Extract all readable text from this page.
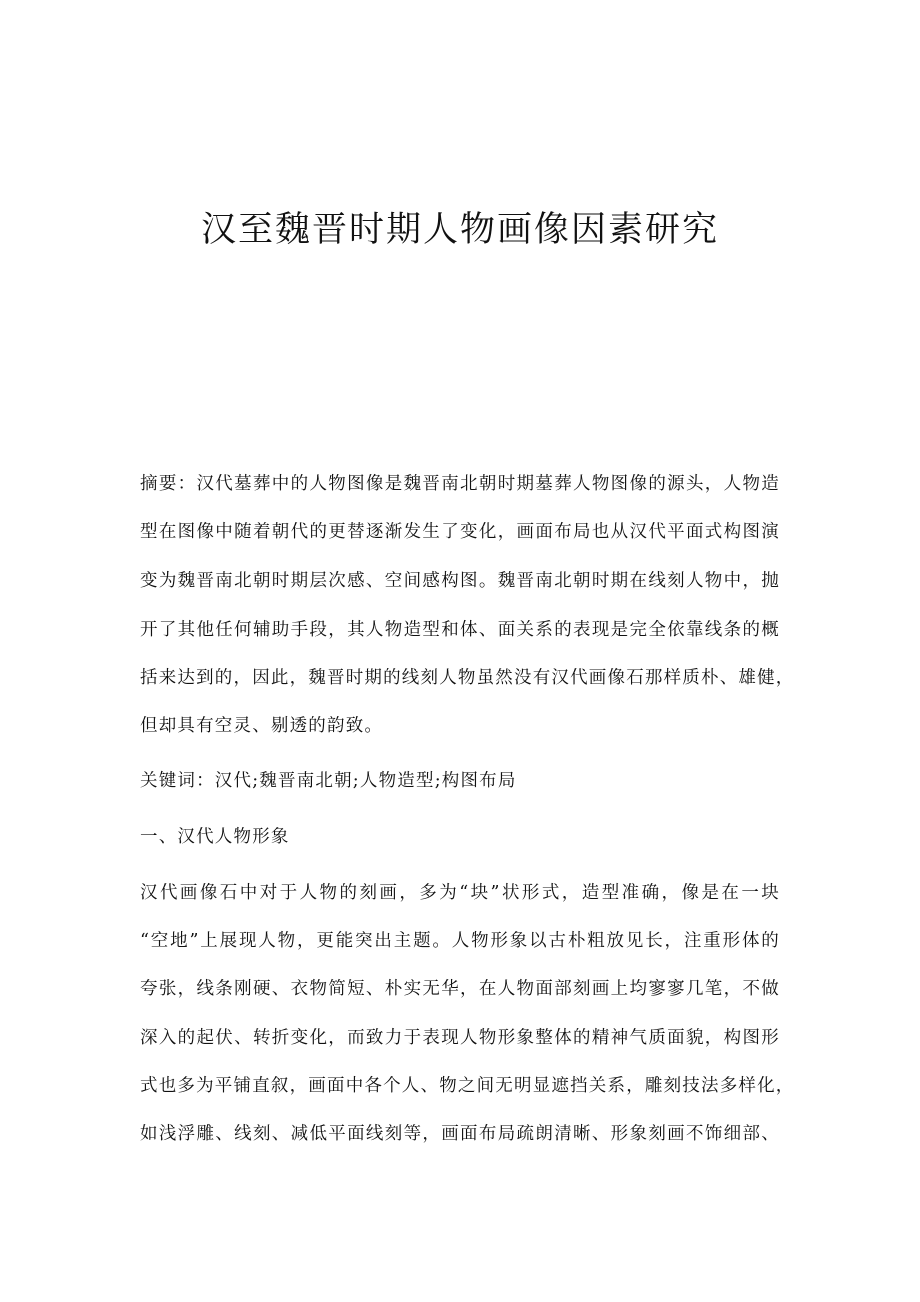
汉至魏晋时期人物画像因素研究
摘要：汉代墓葬中的人物图像是魏晋南北朝时期墓葬人物图像的源头，人物造
型在图像中随着朝代的更替逐渐发生了变化，画面布局也从汉代平面式构图演
变为魏晋南北朝时期层次感、空间感构图。魏晋南北朝时期在线刻人物中，抛
开了其他任何辅助手段，其人物造型和体、面关系的表现是完全依靠线条的概
括来达到的，因此，魏晋时期的线刻人物虽然没有汉代画像石那样质朴、雄健，
但却具有空灵、剔透的韵致。
关键词：汉代;魏晋南北朝;人物造型;构图布局
一、汉代人物形象
汉代画像石中对于人物的刻画，多为“块”状形式，造型准确，像是在一块
“空地”上展现人物，更能突出主题。人物形象以古朴粗放见长，注重形体的
夸张，线条刚硬、衣物简短、朴实无华，在人物面部刻画上均寥寥几笔，不做
深入的起伏、转折变化，而致力于表现人物形象整体的精神气质面貌，构图形
式也多为平铺直叙，画面中各个人、物之间无明显遮挡关系，雕刻技法多样化，
如浅浮雕、线刻、减低平面线刻等，画面布局疏朗清晰、形象刻画不饰细部、
